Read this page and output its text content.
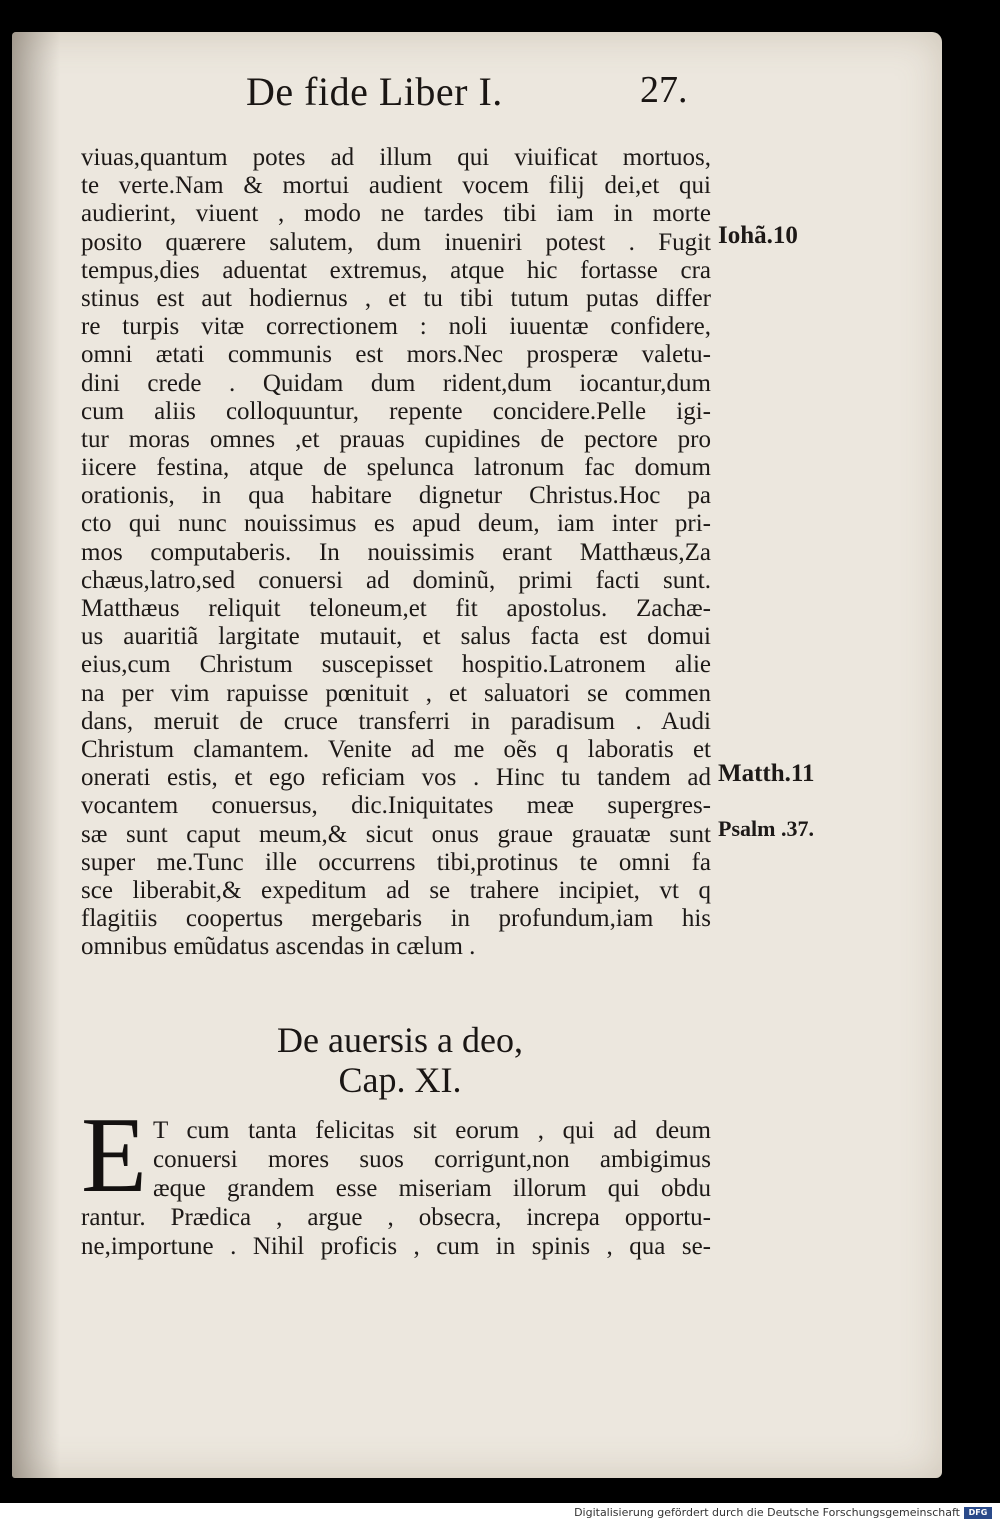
De fide Liber I.	27.
viuas,quantum potes ad illum qui viuificat mortuos,
te verte.Nam & mortui audient vocem filij dei,et qui
audierint, viuent , modo ne tardes tibi iam in morte
posito quærere salutem, dum inueniri potest . Fugit
tempus,dies aduentat extremus, atque hic fortasse cra
stinus est aut hodiernus , et tu tibi tutum putas differ
re turpis vitæ correctionem : noli iuuentæ confidere,
omni ætati communis est mors.Nec prosperæ valetu-
dini crede . Quidam dum rident,dum iocantur,dum
cum aliis colloquuntur, repente concidere.Pelle igi-
tur moras omnes ,et prauas cupidines de pectore pro
iicere festina, atque de spelunca latronum fac domum
orationis, in qua habitare dignetur Christus.Hoc pa
cto qui nunc nouissimus es apud deum, iam inter pri-
mos computaberis. In nouissimis erant Matthæus,Za
chæus,latro,sed conuersi ad dominũ, primi facti sunt.
Matthæus reliquit teloneum,et fit apostolus. Zachæ-
us auaritiã largitate mutauit, et salus facta est domui
eius,cum Christum suscepisset hospitio.Latronem alie
na per vim rapuisse pœnituit , et saluatori se commen
dans, meruit de cruce transferri in paradisum . Audi
Christum clamantem. Venite ad me oẽs q laboratis et
onerati estis, et ego reficiam vos . Hinc tu tandem ad
vocantem conuersus, dic.Iniquitates meæ supergres-
sæ sunt caput meum,& sicut onus graue grauatæ sunt
super me.Tunc ille occurrens tibi,protinus te omni fa
sce liberabit,& expeditum ad se trahere incipiet, vt q
flagitiis coopertus mergebaris in profundum,iam his
omnibus emũdatus ascendas in cælum .
Iohã.10
Matth.11
Psalm .37.
De auersis a deo,
Cap. XI.
E T cum tanta felicitas sit eorum , qui ad deum
conuersi mores suos corrigunt,non ambigimus
æque grandem esse miseriam illorum qui obdu
rantur. Prædica , argue , obsecra, increpa opportu-
ne,importune . Nihil proficis , cum in spinis , qua se-
Digitalisierung gefördert durch die Deutsche Forschungsgemeinschaft	DFG
